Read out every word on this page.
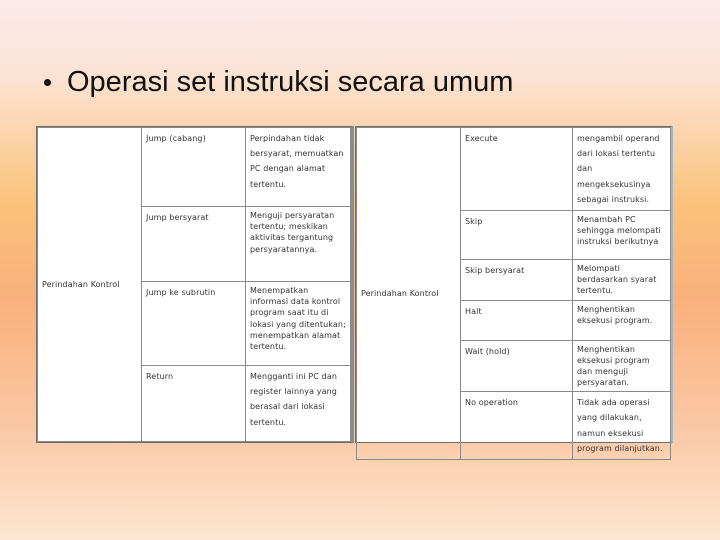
Operasi set instruksi secara umum
Perindahan Kontrol	Jump (cabang)	Perpindahan tidak bersyarat, memuatkan PC dengan alamat tertentu.
	Jump bersyarat	Menguji persyaratan tertentu; meskikan aktivitas tergantung persyaratannya.
	Jump ke subrutin	Menempatkan informasi data kontrol program saat itu di lokasi yang ditentukan; menempatkan alamat tertentu.
	Return	Mengganti ini PC dan register lainnya yang berasal dari lokasi tertentu.
Perindahan Kontrol	Execute	mengambil operand dari lokasi tertentu dan mengeksekusinya sebagai instruksi.
	Skip	Menambah PC sehingga melompati instruksi berikutnya
	Skip bersyarat	Melompati berdasarkan syarat tertentu.
	Halt	Menghentikan eksekusi program.
	Wait (hold)	Menghentikan eksekusi program dan menguji persyaratan.
	No operation	Tidak ada operasi yang dilakukan, namun eksekusi program dilanjutkan.
